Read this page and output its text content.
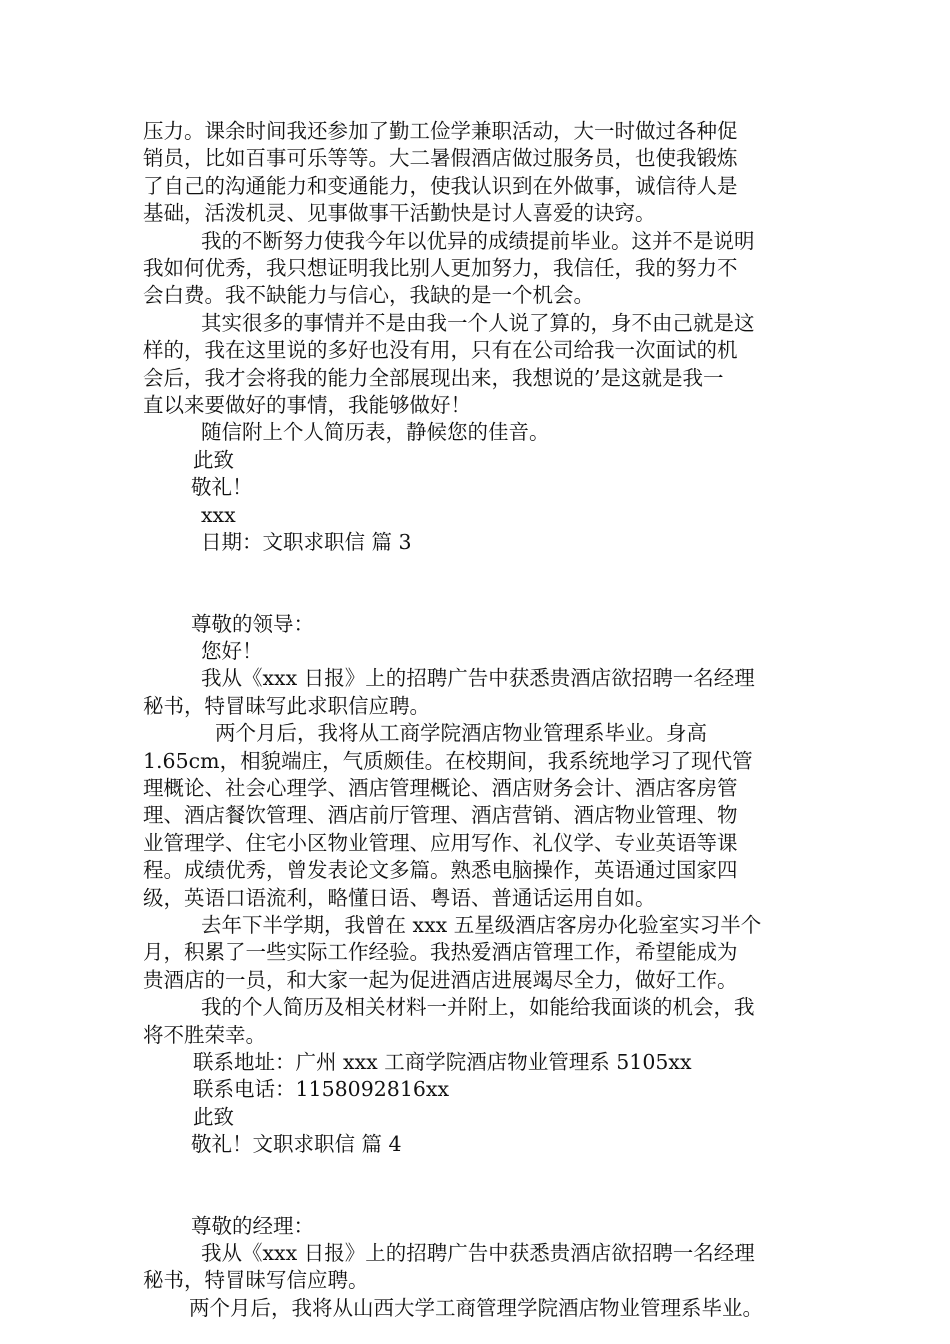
压力。课余时间我还参加了勤工俭学兼职活动，大一时做过各种促

销员，比如百事可乐等等。大二暑假酒店做过服务员，也使我锻炼

了自己的沟通能力和变通能力，使我认识到在外做事，诚信待人是

基础，活泼机灵、见事做事干活勤快是讨人喜爱的诀窍。

我的不断努力使我今年以优异的成绩提前毕业。这并不是说明

我如何优秀，我只想证明我比别人更加努力，我信任，我的努力不

会白费。我不缺能力与信心，我缺的是一个机会。

其实很多的事情并不是由我一个人说了算的，身不由己就是这

样的，我在这里说的多好也没有用，只有在公司给我一次面试的机

会后，我才会将我的能力全部展现出来，我想说的’是这就是我一

直以来要做好的事情，我能够做好！

随信附上个人简历表，静候您的佳音。

此致

敬礼！

xxx

日期：文职求职信 篇 3

尊敬的领导：

您好！

我从《xxx 日报》上的招聘广告中获悉贵酒店欲招聘一名经理

秘书，特冒昧写此求职信应聘。

两个月后，我将从工商学院酒店物业管理系毕业。身高

1.65cm，相貌端庄，气质颇佳。在校期间，我系统地学习了现代管

理概论、社会心理学、酒店管理概论、酒店财务会计、酒店客房管

理、酒店餐饮管理、酒店前厅管理、酒店营销、酒店物业管理、物

业管理学、住宅小区物业管理、应用写作、礼仪学、专业英语等课

程。成绩优秀，曾发表论文多篇。熟悉电脑操作，英语通过国家四

级，英语口语流利，略懂日语、粤语、普通话运用自如。

去年下半学期，我曾在 xxx 五星级酒店客房办化验室实习半个

月，积累了一些实际工作经验。我热爱酒店管理工作，希望能成为

贵酒店的一员，和大家一起为促进酒店进展竭尽全力，做好工作。

我的个人简历及相关材料一并附上，如能给我面谈的机会，我

将不胜荣幸。

联系地址：广州 xxx 工商学院酒店物业管理系 5105xx

联系电话：1158092816xx

此致

敬礼！文职求职信 篇 4

尊敬的经理：

我从《xxx 日报》上的招聘广告中获悉贵酒店欲招聘一名经理

秘书，特冒昧写信应聘。

两个月后，我将从山西大学工商管理学院酒店物业管理系毕业。
